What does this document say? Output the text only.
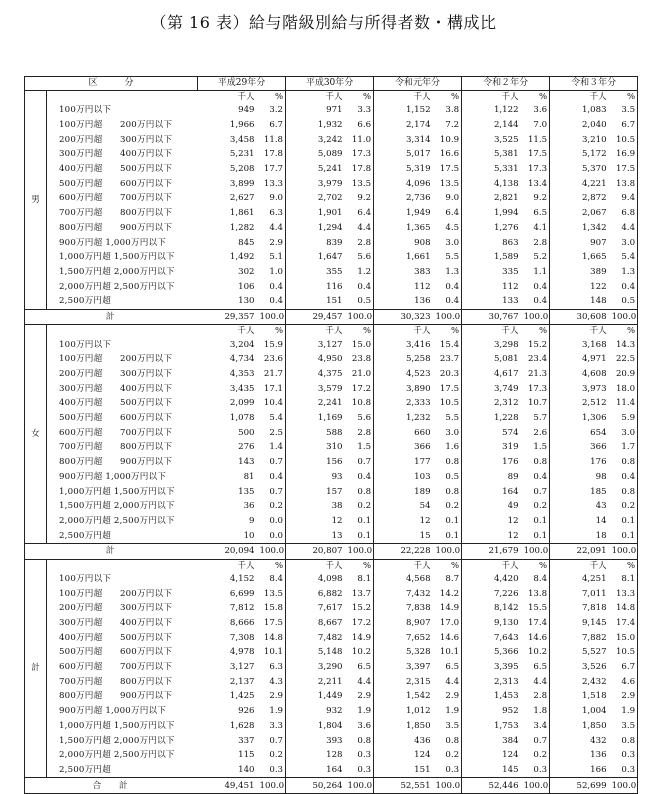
（第 16 表）給与階級別給与所得者数・構成比
区　　　分		平成29年分		平成30年分		令和元年分		令和２年分		令和３年分	
男		千人	%	千人	%	千人	%	千人	%	千人	%
	100万円以下	949	3.2	971	3.3	1,152	3.8	1,122	3.6	1,083	3.5
	100万円超　　200万円以下	1,966	6.7	1,932	6.6	2,174	7.2	2,144	7.0	2,040	6.7
	200万円超　　300万円以下	3,458	11.8	3,242	11.0	3,314	10.9	3,525	11.5	3,210	10.5
	300万円超　　400万円以下	5,231	17.8	5,089	17.3	5,017	16.6	5,381	17.5	5,172	16.9
	400万円超　　500万円以下	5,208	17.7	5,241	17.8	5,319	17.5	5,331	17.3	5,370	17.5
	500万円超　　600万円以下	3,899	13.3	3,979	13.5	4,096	13.5	4,138	13.4	4,221	13.8
	600万円超　　700万円以下	2,627	9.0	2,702	9.2	2,736	9.0	2,821	9.2	2,872	9.4
	700万円超　　800万円以下	1,861	6.3	1,901	6.4	1,949	6.4	1,994	6.5	2,067	6.8
	800万円超　　900万円以下	1,282	4.4	1,294	4.4	1,365	4.5	1,276	4.1	1,342	4.4
	900万円超 1,000万円以下	845	2.9	839	2.8	908	3.0	863	2.8	907	3.0
	1,000万円超 1,500万円以下	1,492	5.1	1,647	5.6	1,661	5.5	1,589	5.2	1,665	5.4
	1,500万円超 2,000万円以下	302	1.0	355	1.2	383	1.3	335	1.1	389	1.3
	2,000万円超 2,500万円以下	106	0.4	116	0.4	112	0.4	112	0.4	122	0.4
	2,500万円超	130	0.4	151	0.5	136	0.4	133	0.4	148	0.5
計		29,357	100.0	29,457	100.0	30,323	100.0	30,767	100.0	30,608	100.0
女		千人	%	千人	%	千人	%	千人	%	千人	%
	100万円以下	3,204	15.9	3,127	15.0	3,416	15.4	3,298	15.2	3,168	14.3
	100万円超　　200万円以下	4,734	23.6	4,950	23.8	5,258	23.7	5,081	23.4	4,971	22.5
	200万円超　　300万円以下	4,353	21.7	4,375	21.0	4,523	20.3	4,617	21.3	4,608	20.9
	300万円超　　400万円以下	3,435	17.1	3,579	17.2	3,890	17.5	3,749	17.3	3,973	18.0
	400万円超　　500万円以下	2,099	10.4	2,241	10.8	2,333	10.5	2,312	10.7	2,512	11.4
	500万円超　　600万円以下	1,078	5.4	1,169	5.6	1,232	5.5	1,228	5.7	1,306	5.9
	600万円超　　700万円以下	500	2.5	588	2.8	660	3.0	574	2.6	654	3.0
	700万円超　　800万円以下	276	1.4	310	1.5	366	1.6	319	1.5	366	1.7
	800万円超　　900万円以下	143	0.7	156	0.7	177	0.8	176	0.8	176	0.8
	900万円超 1,000万円以下	81	0.4	93	0.4	103	0.5	89	0.4	98	0.4
	1,000万円超 1,500万円以下	135	0.7	157	0.8	189	0.8	164	0.7	185	0.8
	1,500万円超 2,000万円以下	36	0.2	38	0.2	54	0.2	49	0.2	43	0.2
	2,000万円超 2,500万円以下	9	0.0	12	0.1	12	0.1	12	0.1	14	0.1
	2,500万円超	10	0.0	13	0.1	15	0.1	12	0.1	18	0.1
計		20,094	100.0	20,807	100.0	22,228	100.0	21,679	100.0	22,091	100.0
計		千人	%	千人	%	千人	%	千人	%	千人	%
	100万円以下	4,152	8.4	4,098	8.1	4,568	8.7	4,420	8.4	4,251	8.1
	100万円超　　200万円以下	6,699	13.5	6,882	13.7	7,432	14.2	7,226	13.8	7,011	13.3
	200万円超　　300万円以下	7,812	15.8	7,617	15.2	7,838	14.9	8,142	15.5	7,818	14.8
	300万円超　　400万円以下	8,666	17.5	8,667	17.2	8,907	17.0	9,130	17.4	9,145	17.4
	400万円超　　500万円以下	7,308	14.8	7,482	14.9	7,652	14.6	7,643	14.6	7,882	15.0
	500万円超　　600万円以下	4,978	10.1	5,148	10.2	5,328	10.1	5,366	10.2	5,527	10.5
	600万円超　　700万円以下	3,127	6.3	3,290	6.5	3,397	6.5	3,395	6.5	3,526	6.7
	700万円超　　800万円以下	2,137	4.3	2,211	4.4	2,315	4.4	2,313	4.4	2,432	4.6
	800万円超　　900万円以下	1,425	2.9	1,449	2.9	1,542	2.9	1,453	2.8	1,518	2.9
	900万円超 1,000万円以下	926	1.9	932	1.9	1,012	1.9	952	1.8	1,004	1.9
	1,000万円超 1,500万円以下	1,628	3.3	1,804	3.6	1,850	3.5	1,753	3.4	1,850	3.5
	1,500万円超 2,000万円以下	337	0.7	393	0.8	436	0.8	384	0.7	432	0.8
	2,000万円超 2,500万円以下	115	0.2	128	0.3	124	0.2	124	0.2	136	0.3
	2,500万円超	140	0.3	164	0.3	151	0.3	145	0.3	166	0.3
合　　計		49,451	100.0	50,264	100.0	52,551	100.0	52,446	100.0	52,699	100.0
